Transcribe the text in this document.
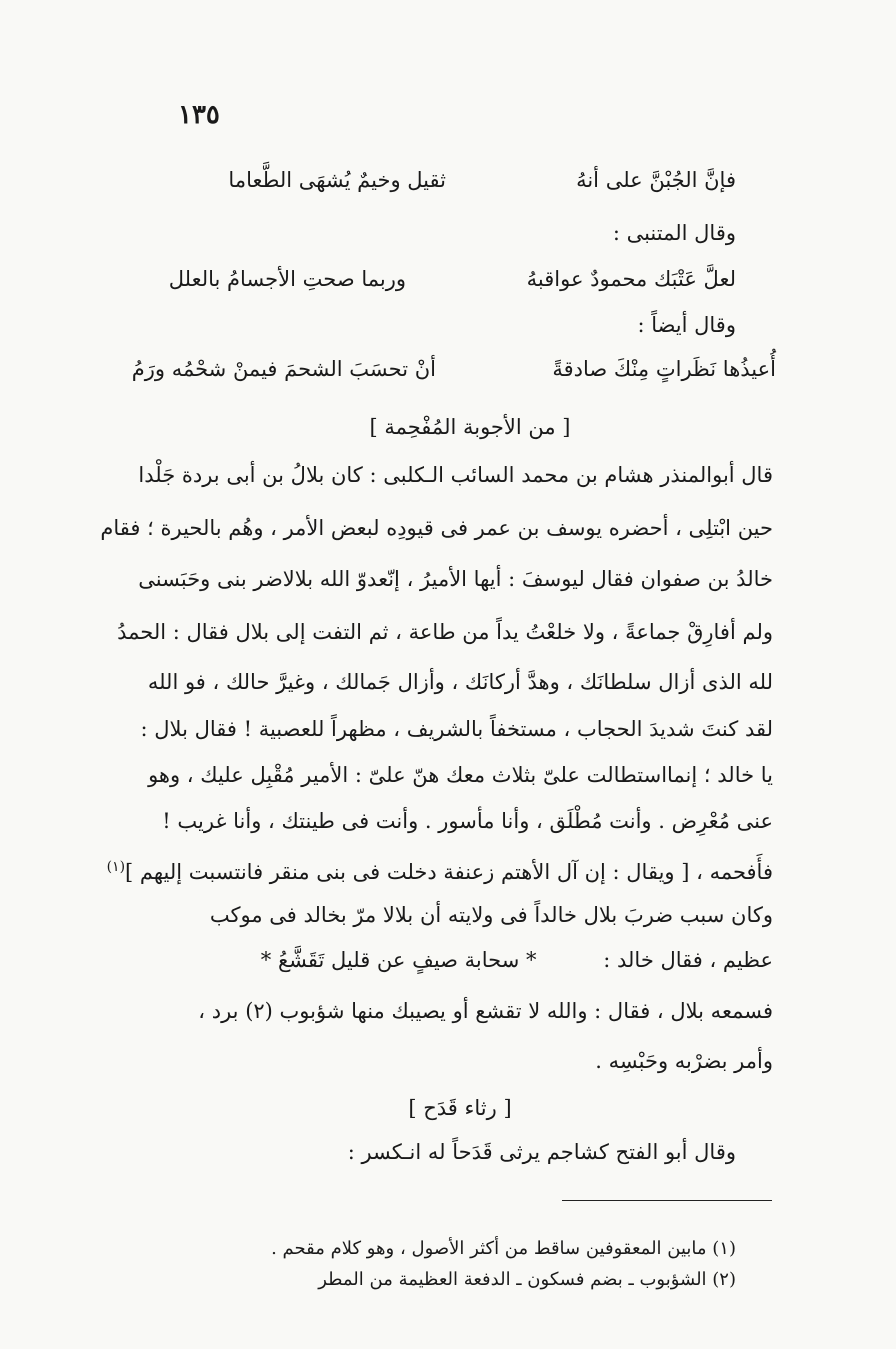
١٣٥
فإنَّ الجُبْنَّ على أنهُ
ثقيل وخيمٌ يُشهَى الطَّعاما
وقال المتنبى :
لعلَّ عَتْبَك محمودٌ عواقبهُ
وربما صحتِ الأجسامُ بالعلل
وقال أيضاً :
أُعيذُها نَظَراتٍ مِنْكَ صادقةً
أنْ تحسَبَ الشحمَ فيمنْ شحْمُه ورَمُ
[ من الأجوبة المُفْحِمة ]
قال أبوالمنذر هشام بن محمد السائب الـكلبى : كان بلالُ بن أبى بردة جَلْدا
حين ابْتلِى ، أحضره يوسف بن عمر فى قيودِه لبعض الأمر ، وهُم بالحيرة ؛ فقام
خالدُ بن صفوان فقال ليوسفَ : أيها الأميرُ ، إنّعدوّ الله بلالاضر بنى وحَبَسنى
ولم أفارِقْ جماعةً ، ولا خلعْتُ يداً من طاعة ، ثم التفت إلى بلال فقال : الحمدُ
لله الذى أزال سلطانَك ، وهدَّ أركانَك ، وأزال جَمالك ، وغيرَّ حالك ، فو الله
لقد كنتَ شديدَ الحجاب ، مستخفاً بالشريف ، مظهراً للعصبية ! فقال بلال :
يا خالد ؛ إنمااستطالت علىّ بثلاث معك هنّ علىّ : الأمير مُقْبِل عليك ، وهو
عنى مُعْرِض . وأنت مُطْلَق ، وأنا مأسور . وأنت فى طينتك ، وأنا غريب !
فأَفحمه ، [ ويقال : إن آل الأهتم زعنفة دخلت فى بنى منقر فانتسبت إليهم ]$^{(١)}$
وكان سبب ضربَ بلال خالداً فى ولايته أن بلالا مرّ بخالد فى موكب
عظيم ، فقال خالد :          * سحابة صيفٍ عن قليل تَقَشَّعُ *
فسمعه بلال ، فقال : والله لا تقشع أو يصيبك منها شؤبوب (٢) برد ،
وأمر بضرْبه وحَبْسِه .
[ رثاء قَدَح ]
وقال أبو الفتح كشاجم يرثى قَدَحاً له انـكسر :
(١) مابين المعقوفين ساقط من أكثر الأصول ، وهو كلام مقحم .
(٢) الشؤبوب ـ بضم فسكون ـ الدفعة العظيمة من المطر
